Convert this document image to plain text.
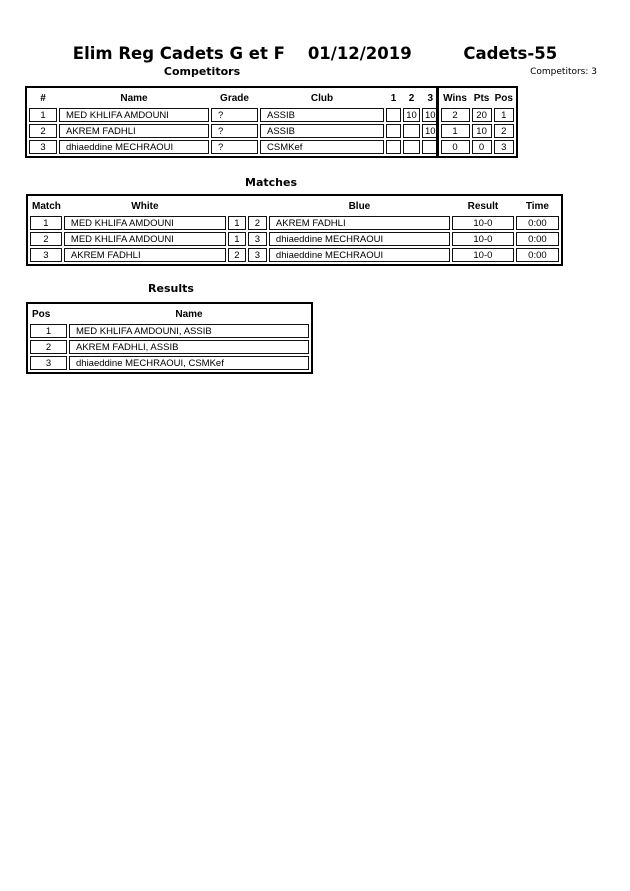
Elim Reg Cadets G et F    01/12/2019         Cadets-55
Competitors	Competitors: 3
#	Name	Grade	Club	1	2	3	Wins	Pts	Pos
1	MED KHLIFA AMDOUNI	?	ASSIB		10	10	2	20	1
2	AKREM FADHLI	?	ASSIB			10	1	10	2
3	dhiaeddine MECHRAOUI	?	CSMKef				0	0	3
Matches
Match	White			Blue	Result	Time
1	MED KHLIFA AMDOUNI	1	2	AKREM FADHLI	10-0	0:00
2	MED KHLIFA AMDOUNI	1	3	dhiaeddine MECHRAOUI	10-0	0:00
3	AKREM FADHLI	2	3	dhiaeddine MECHRAOUI	10-0	0:00
Results
Pos	Name
1	MED KHLIFA AMDOUNI, ASSIB
2	AKREM FADHLI, ASSIB
3	dhiaeddine MECHRAOUI, CSMKef
